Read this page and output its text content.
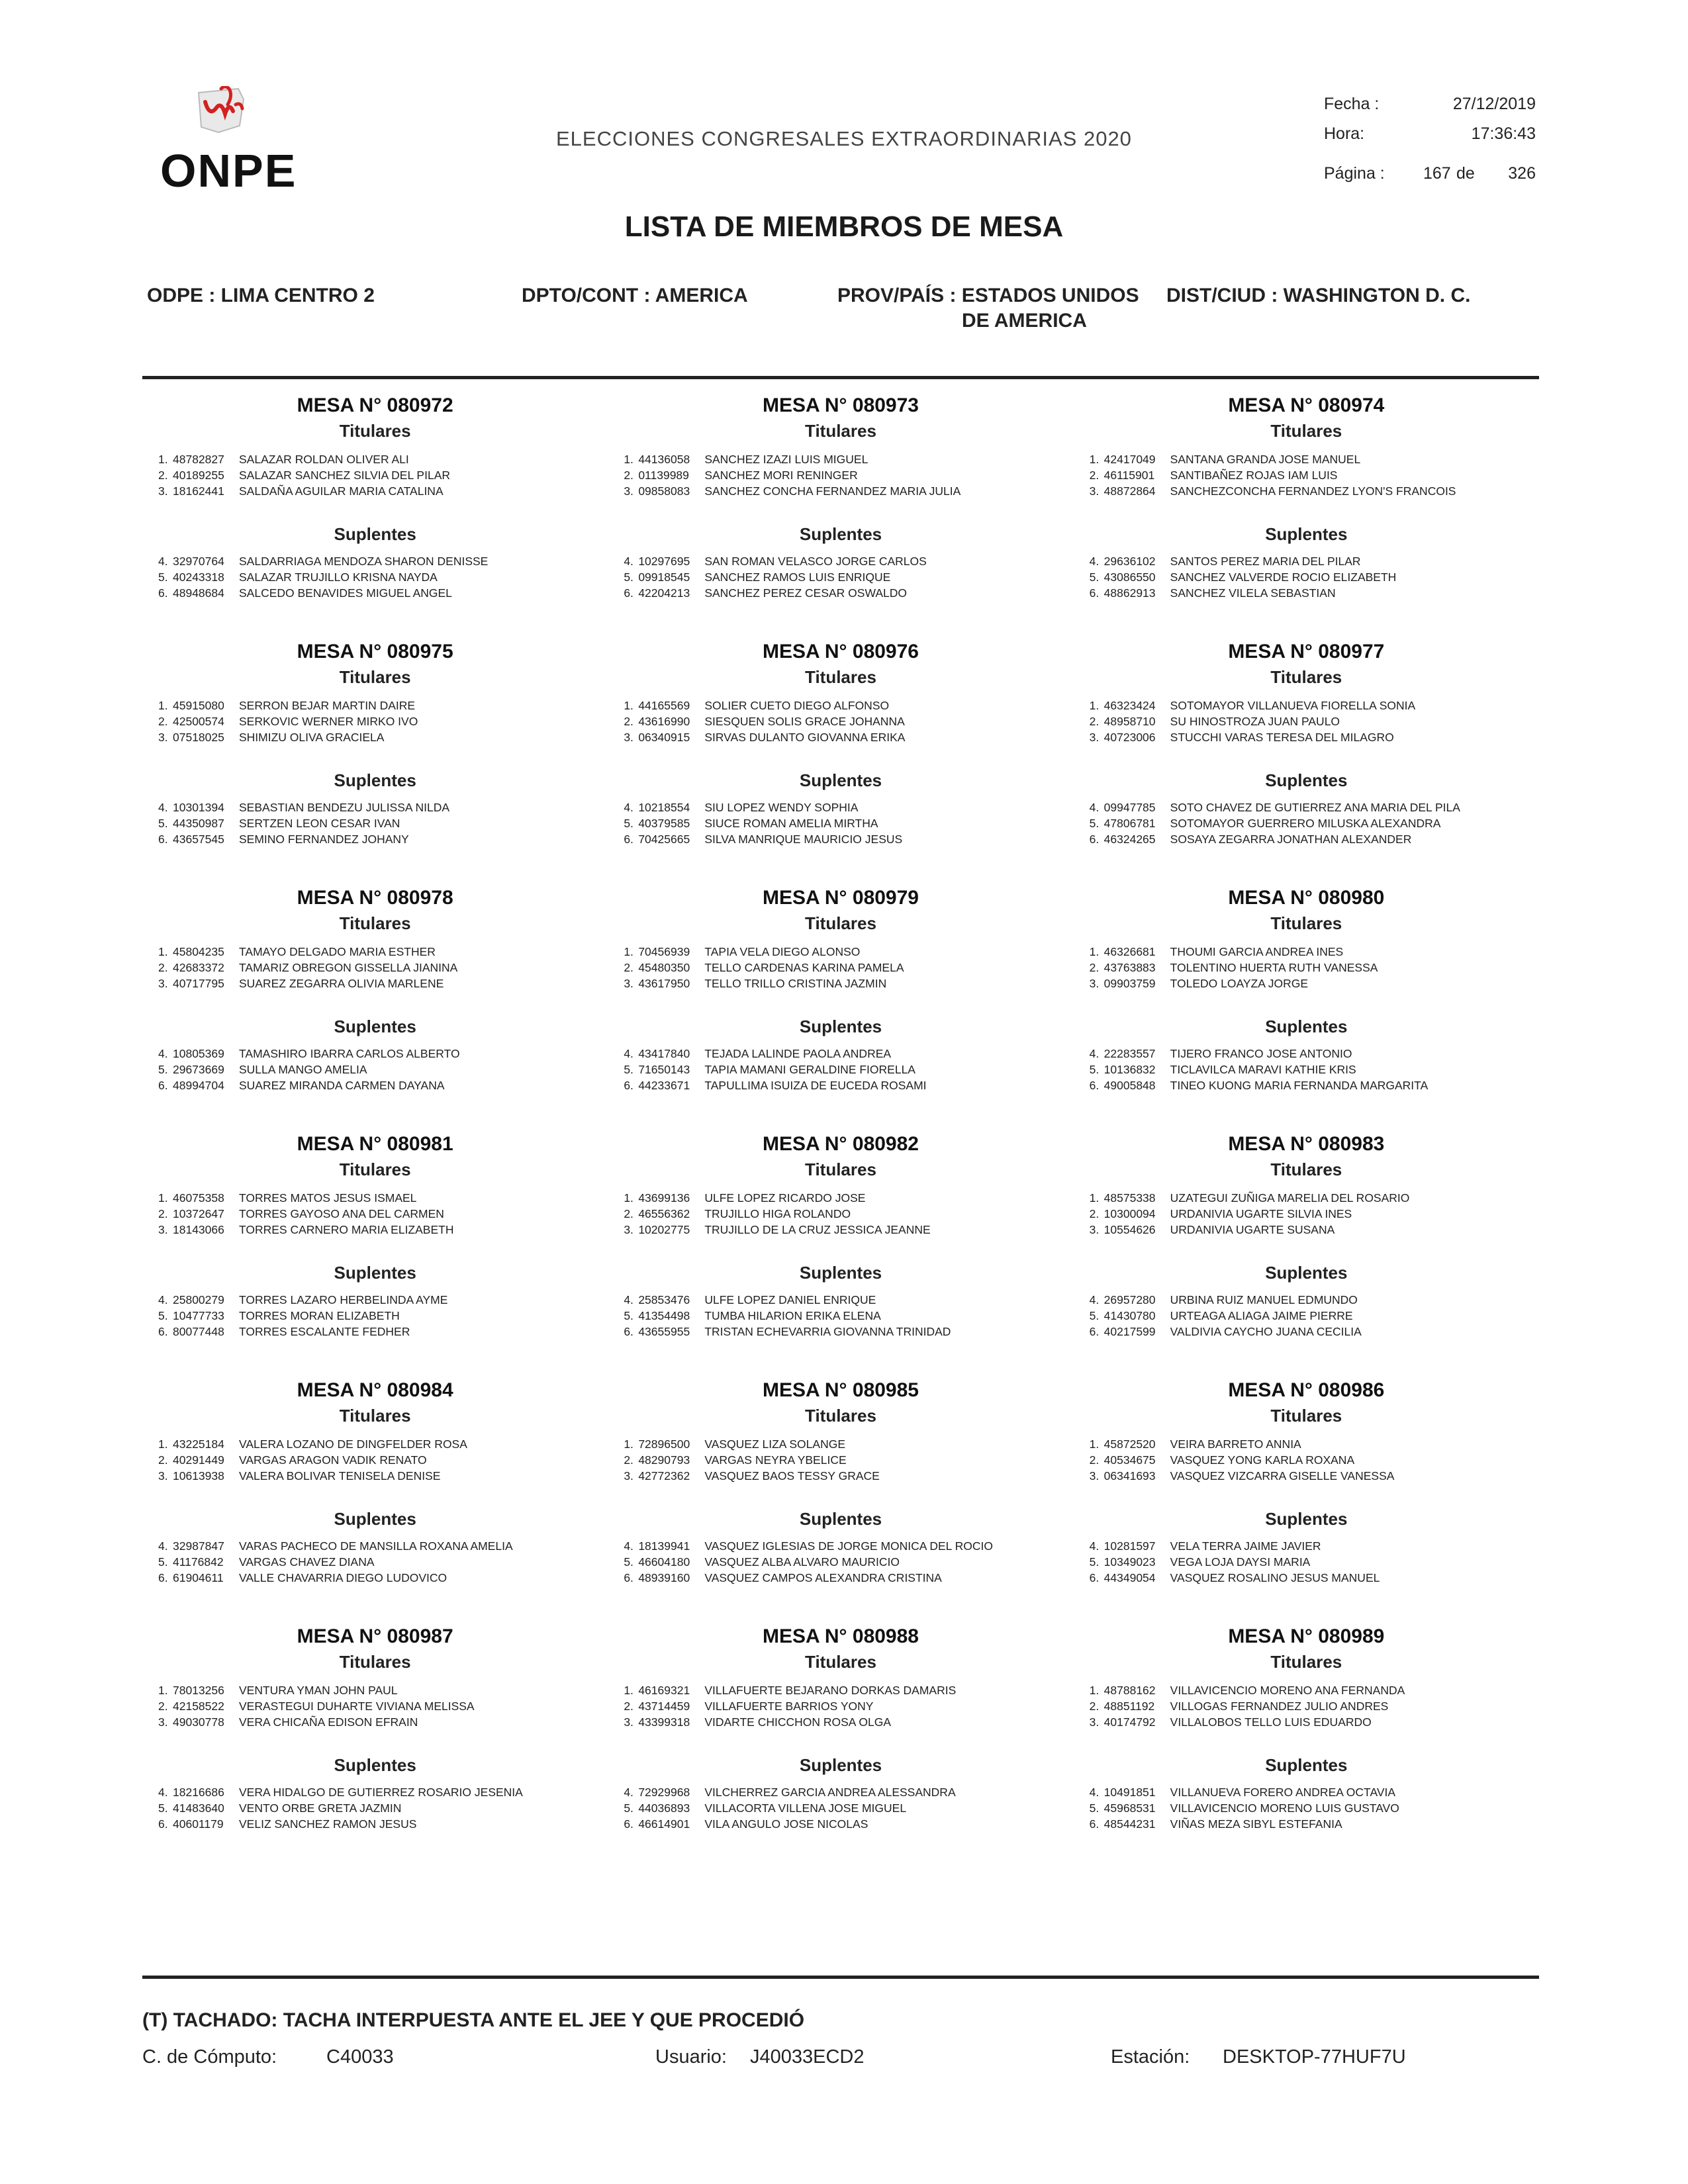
ONPE
ELECCIONES CONGRESALES EXTRAORDINARIAS 2020
Fecha :	27/12/2019
Hora:	17:36:43
Página : 167 de 326
LISTA DE MIEMBROS DE MESA
ODPE : LIMA CENTRO 2	DPTO/CONT : AMERICA	PROV/PAÍS : ESTADOS UNIDOS
DE AMERICA
DIST/CIUD : WASHINGTON D. C.
MESA N° 080972
Titulares
1. 48782827 SALAZAR ROLDAN OLIVER ALI
2. 40189255 SALAZAR SANCHEZ SILVIA DEL PILAR
3. 18162441 SALDAÑA AGUILAR MARIA CATALINA
Suplentes
4. 32970764 SALDARRIAGA MENDOZA SHARON DENISSE
5. 40243318 SALAZAR TRUJILLO KRISNA NAYDA
6. 48948684 SALCEDO BENAVIDES MIGUEL ANGEL
MESA N° 080973
Titulares
1. 44136058 SANCHEZ IZAZI LUIS MIGUEL
2. 01139989 SANCHEZ MORI RENINGER
3. 09858083 SANCHEZ CONCHA FERNANDEZ MARIA JULIA
Suplentes
4. 10297695 SAN ROMAN VELASCO JORGE CARLOS
5. 09918545 SANCHEZ RAMOS LUIS ENRIQUE
6. 42204213 SANCHEZ PEREZ CESAR OSWALDO
MESA N° 080974
Titulares
1. 42417049 SANTANA GRANDA JOSE MANUEL
2. 46115901 SANTIBAÑEZ ROJAS IAM LUIS
3. 48872864 SANCHEZCONCHA FERNANDEZ LYON'S FRANCOIS
Suplentes
4. 29636102 SANTOS PEREZ MARIA DEL PILAR
5. 43086550 SANCHEZ VALVERDE ROCIO ELIZABETH
6. 48862913 SANCHEZ VILELA SEBASTIAN
MESA N° 080975
Titulares
1. 45915080 SERRON BEJAR MARTIN DAIRE
2. 42500574 SERKOVIC WERNER MIRKO IVO
3. 07518025 SHIMIZU OLIVA GRACIELA
Suplentes
4. 10301394 SEBASTIAN BENDEZU JULISSA NILDA
5. 44350987 SERTZEN LEON CESAR IVAN
6. 43657545 SEMINO FERNANDEZ JOHANY
MESA N° 080976
Titulares
1. 44165569 SOLIER CUETO DIEGO ALFONSO
2. 43616990 SIESQUEN SOLIS GRACE JOHANNA
3. 06340915 SIRVAS DULANTO GIOVANNA ERIKA
Suplentes
4. 10218554 SIU LOPEZ WENDY SOPHIA
5. 40379585 SIUCE ROMAN AMELIA MIRTHA
6. 70425665 SILVA MANRIQUE MAURICIO JESUS
MESA N° 080977
Titulares
1. 46323424 SOTOMAYOR VILLANUEVA FIORELLA SONIA
2. 48958710 SU HINOSTROZA JUAN PAULO
3. 40723006 STUCCHI VARAS TERESA DEL MILAGRO
Suplentes
4. 09947785 SOTO CHAVEZ DE GUTIERREZ ANA MARIA DEL PILA
5. 47806781 SOTOMAYOR GUERRERO MILUSKA ALEXANDRA
6. 46324265 SOSAYA ZEGARRA JONATHAN ALEXANDER
MESA N° 080978
Titulares
1. 45804235 TAMAYO DELGADO MARIA ESTHER
2. 42683372 TAMARIZ OBREGON GISSELLA JIANINA
3. 40717795 SUAREZ ZEGARRA OLIVIA MARLENE
Suplentes
4. 10805369 TAMASHIRO IBARRA CARLOS ALBERTO
5. 29673669 SULLA MANGO AMELIA
6. 48994704 SUAREZ MIRANDA CARMEN DAYANA
MESA N° 080979
Titulares
1. 70456939 TAPIA VELA DIEGO ALONSO
2. 45480350 TELLO CARDENAS KARINA PAMELA
3. 43617950 TELLO TRILLO CRISTINA JAZMIN
Suplentes
4. 43417840 TEJADA LALINDE PAOLA ANDREA
5. 71650143 TAPIA MAMANI GERALDINE FIORELLA
6. 44233671 TAPULLIMA ISUIZA DE EUCEDA ROSAMI
MESA N° 080980
Titulares
1. 46326681 THOUMI GARCIA ANDREA INES
2. 43763883 TOLENTINO HUERTA RUTH VANESSA
3. 09903759 TOLEDO LOAYZA JORGE
Suplentes
4. 22283557 TIJERO FRANCO JOSE ANTONIO
5. 10136832 TICLAVILCA MARAVI KATHIE KRIS
6. 49005848 TINEO KUONG MARIA FERNANDA MARGARITA
MESA N° 080981
Titulares
1. 46075358 TORRES MATOS JESUS ISMAEL
2. 10372647 TORRES GAYOSO ANA DEL CARMEN
3. 18143066 TORRES CARNERO MARIA ELIZABETH
Suplentes
4. 25800279 TORRES LAZARO HERBELINDA AYME
5. 10477733 TORRES MORAN ELIZABETH
6. 80077448 TORRES ESCALANTE FEDHER
MESA N° 080982
Titulares
1. 43699136 ULFE LOPEZ RICARDO JOSE
2. 46556362 TRUJILLO HIGA ROLANDO
3. 10202775 TRUJILLO DE LA CRUZ JESSICA JEANNE
Suplentes
4. 25853476 ULFE LOPEZ DANIEL ENRIQUE
5. 41354498 TUMBA HILARION ERIKA ELENA
6. 43655955 TRISTAN ECHEVARRIA GIOVANNA TRINIDAD
MESA N° 080983
Titulares
1. 48575338 UZATEGUI ZUÑIGA MARELIA DEL ROSARIO
2. 10300094 URDANIVIA UGARTE SILVIA INES
3. 10554626 URDANIVIA UGARTE SUSANA
Suplentes
4. 26957280 URBINA RUIZ MANUEL EDMUNDO
5. 41430780 URTEAGA ALIAGA JAIME PIERRE
6. 40217599 VALDIVIA CAYCHO JUANA CECILIA
MESA N° 080984
Titulares
1. 43225184 VALERA LOZANO DE DINGFELDER ROSA
2. 40291449 VARGAS ARAGON VADIK RENATO
3. 10613938 VALERA BOLIVAR TENISELA DENISE
Suplentes
4. 32987847 VARAS PACHECO DE MANSILLA ROXANA AMELIA
5. 41176842 VARGAS CHAVEZ DIANA
6. 61904611 VALLE CHAVARRIA DIEGO LUDOVICO
MESA N° 080985
Titulares
1. 72896500 VASQUEZ LIZA SOLANGE
2. 48290793 VARGAS NEYRA YBELICE
3. 42772362 VASQUEZ BAOS TESSY GRACE
Suplentes
4. 18139941 VASQUEZ IGLESIAS DE JORGE MONICA DEL ROCIO
5. 46604180 VASQUEZ ALBA ALVARO MAURICIO
6. 48939160 VASQUEZ CAMPOS ALEXANDRA CRISTINA
MESA N° 080986
Titulares
1. 45872520 VEIRA BARRETO ANNIA
2. 40534675 VASQUEZ YONG KARLA ROXANA
3. 06341693 VASQUEZ VIZCARRA GISELLE VANESSA
Suplentes
4. 10281597 VELA TERRA JAIME JAVIER
5. 10349023 VEGA LOJA DAYSI MARIA
6. 44349054 VASQUEZ ROSALINO JESUS MANUEL
MESA N° 080987
Titulares
1. 78013256 VENTURA YMAN JOHN PAUL
2. 42158522 VERASTEGUI DUHARTE VIVIANA MELISSA
3. 49030778 VERA CHICAÑA EDISON EFRAIN
Suplentes
4. 18216686 VERA HIDALGO DE GUTIERREZ ROSARIO JESENIA
5. 41483640 VENTO ORBE GRETA JAZMIN
6. 40601179 VELIZ SANCHEZ RAMON JESUS
MESA N° 080988
Titulares
1. 46169321 VILLAFUERTE BEJARANO DORKAS DAMARIS
2. 43714459 VILLAFUERTE BARRIOS YONY
3. 43399318 VIDARTE CHICCHON ROSA OLGA
Suplentes
4. 72929968 VILCHERREZ GARCIA ANDREA ALESSANDRA
5. 44036893 VILLACORTA VILLENA JOSE MIGUEL
6. 46614901 VILA ANGULO JOSE NICOLAS
MESA N° 080989
Titulares
1. 48788162 VILLAVICENCIO MORENO ANA FERNANDA
2. 48851192 VILLOGAS FERNANDEZ JULIO ANDRES
3. 40174792 VILLALOBOS TELLO LUIS EDUARDO
Suplentes
4. 10491851 VILLANUEVA FORERO ANDREA OCTAVIA
5. 45968531 VILLAVICENCIO MORENO LUIS GUSTAVO
6. 48544231 VIÑAS MEZA SIBYL ESTEFANIA
(T) TACHADO: TACHA INTERPUESTA ANTE EL JEE Y QUE PROCEDIÓ
C. de Cómputo:	C40033	Usuario: J40033ECD2	Estación: DESKTOP-77HUF7U
